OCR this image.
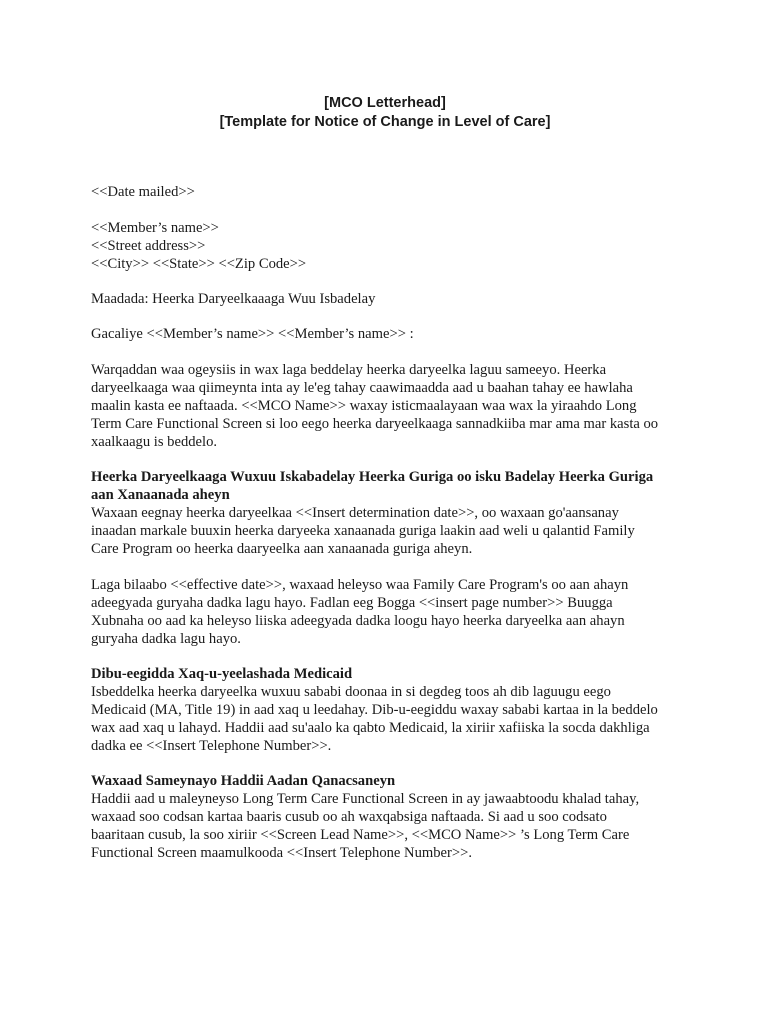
[MCO Letterhead]
[Template for Notice of Change in Level of Care]
<<Date mailed>>
<<Member’s name>>
<<Street address>>
<<City>> <<State>> <<Zip Code>>
Maadada: Heerka Daryeelkaaaga Wuu Isbadelay
Gacaliye <<Member’s name>> <<Member’s name>> :
Warqaddan waa ogeysiis in wax laga beddelay heerka daryeelka laguu sameeyo. Heerka
daryeelkaaga waa qiimeynta inta ay le'eg tahay caawimaadda aad u baahan tahay ee hawlaha
maalin kasta ee naftaada. <<MCO Name>> waxay isticmaalayaan waa wax la yiraahdo Long
Term Care Functional Screen si loo eego heerka daryeelkaaga sannadkiiba mar ama mar kasta oo
xaalkaagu is beddelo.
Heerka Daryeelkaaga Wuxuu Iskabadelay Heerka Guriga oo isku Badelay Heerka Guriga
aan Xanaanada aheyn
Waxaan eegnay heerka daryeelkaa <<Insert determination date>>, oo waxaan go'aansanay
inaadan markale buuxin heerka daryeeka xanaanada guriga laakin aad weli u qalantid Family
Care Program oo heerka daaryeelka aan xanaanada guriga aheyn.
Laga bilaabo <<effective date>>, waxaad heleyso waa Family Care Program's oo aan ahayn
adeegyada guryaha dadka lagu hayo. Fadlan eeg Bogga <<insert page number>> Buugga
Xubnaha oo aad ka heleyso liiska adeegyada dadka loogu hayo heerka daryeelka aan ahayn
guryaha dadka lagu hayo.
Dibu-eegidda Xaq-u-yeelashada Medicaid
Isbeddelka heerka daryeelka wuxuu sababi doonaa in si degdeg toos ah dib laguugu eego
Medicaid (MA, Title 19) in aad xaq u leedahay. Dib-u-eegiddu waxay sababi kartaa in la beddelo
wax aad xaq u lahayd. Haddii aad su'aalo ka qabto Medicaid, la xiriir xafiiska la socda dakhliga
dadka ee <<Insert Telephone Number>>.
Waxaad Sameynayo Haddii Aadan Qanacsaneyn
Haddii aad u maleyneyso Long Term Care Functional Screen in ay jawaabtoodu khalad tahay,
waxaad soo codsan kartaa baaris cusub oo ah waxqabsiga naftaada. Si aad u soo codsato
baaritaan cusub, la soo xiriir <<Screen Lead Name>>, <<MCO Name>> ’s Long Term Care
Functional Screen maamulkooda <<Insert Telephone Number>>.
